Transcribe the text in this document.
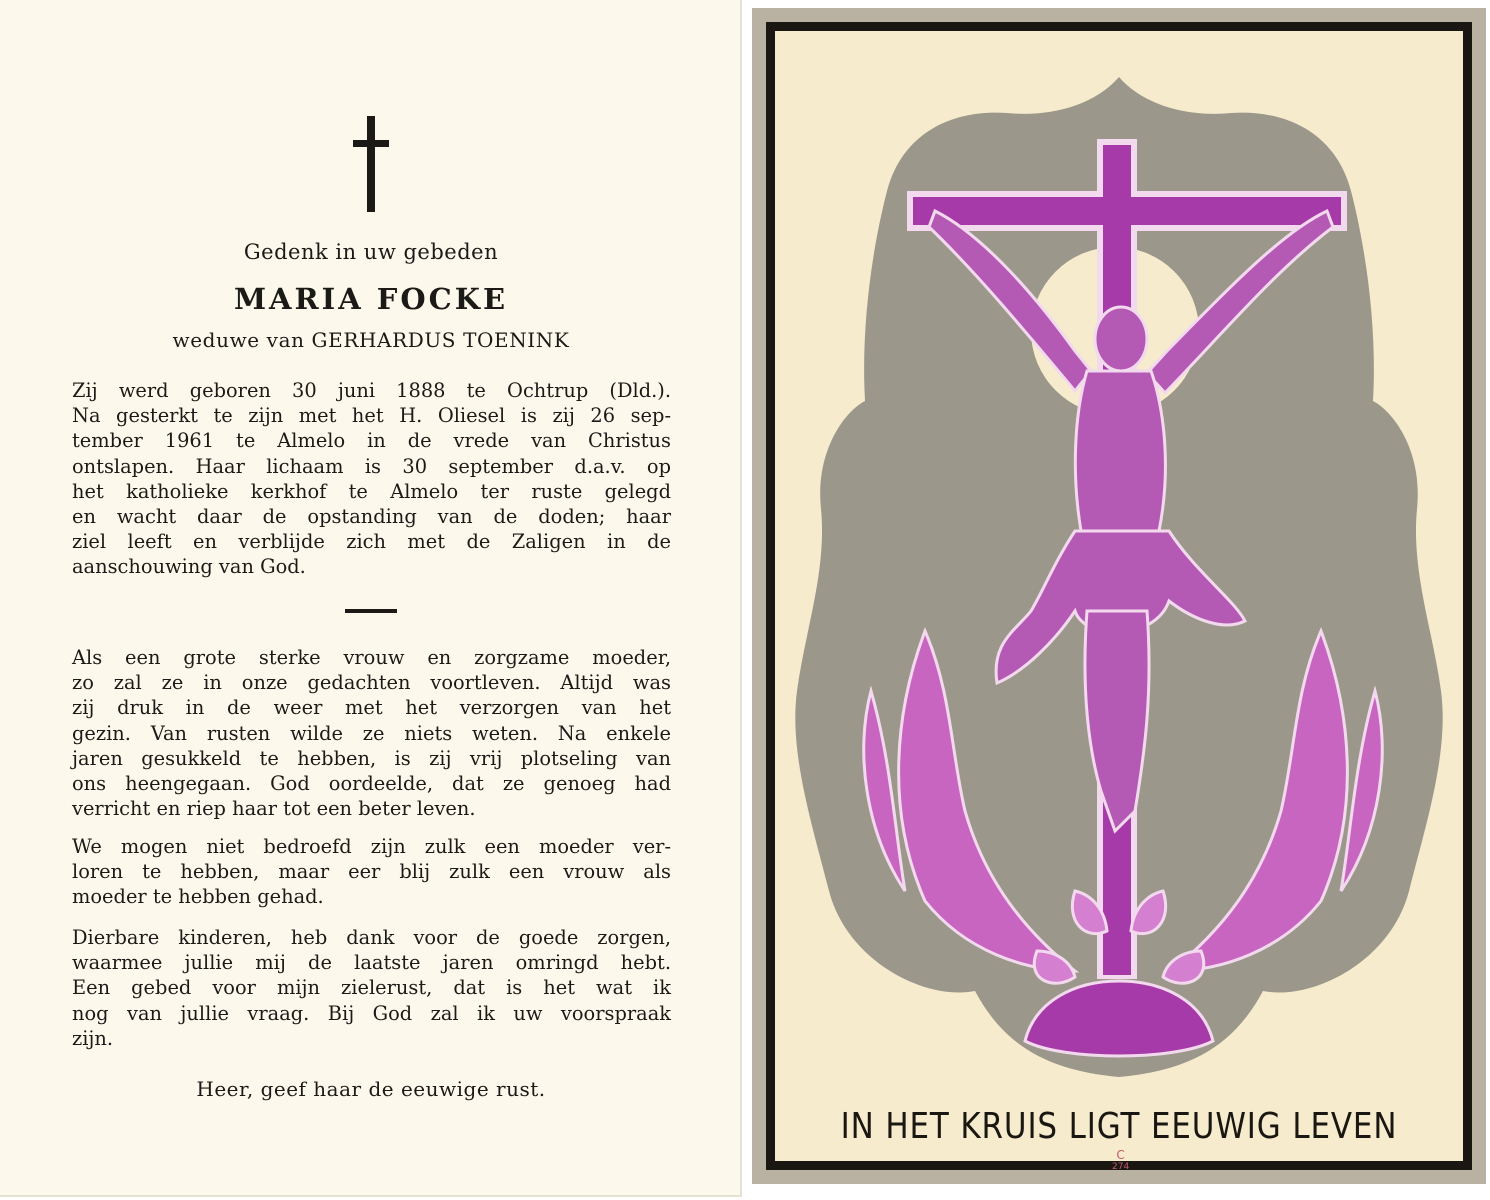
Gedenk in uw gebeden
MARIA FOCKE
weduwe van GERHARDUS TOENINK
Zij werd geboren 30 juni 1888 te Ochtrup (Dld.).
Na gesterkt te zijn met het H. Oliesel is zij 26 sep-
tember 1961 te Almelo in de vrede van Christus
ontslapen. Haar lichaam is 30 september d.a.v. op
het katholieke kerkhof te Almelo ter ruste gelegd
en wacht daar de opstanding van de doden; haar
ziel leeft en verblijde zich met de Zaligen in de
aanschouwing van God.
Als een grote sterke vrouw en zorgzame moeder,
zo zal ze in onze gedachten voortleven. Altijd was
zij druk in de weer met het verzorgen van het
gezin. Van rusten wilde ze niets weten. Na enkele
jaren gesukkeld te hebben, is zij vrij plotseling van
ons heengegaan. God oordeelde, dat ze genoeg had
verricht en riep haar tot een beter leven.
We mogen niet bedroefd zijn zulk een moeder ver-
loren te hebben, maar eer blij zulk een vrouw als
moeder te hebben gehad.
Dierbare kinderen, heb dank voor de goede zorgen,
waarmee jullie mij de laatste jaren omringd hebt.
Een gebed voor mijn zielerust, dat is het wat ik
nog van jullie vraag. Bij God zal ik uw voorspraak
zijn.
Heer, geef haar de eeuwige rust.
IN HET KRUIS LIGT EEUWIG LEVEN
C
274
